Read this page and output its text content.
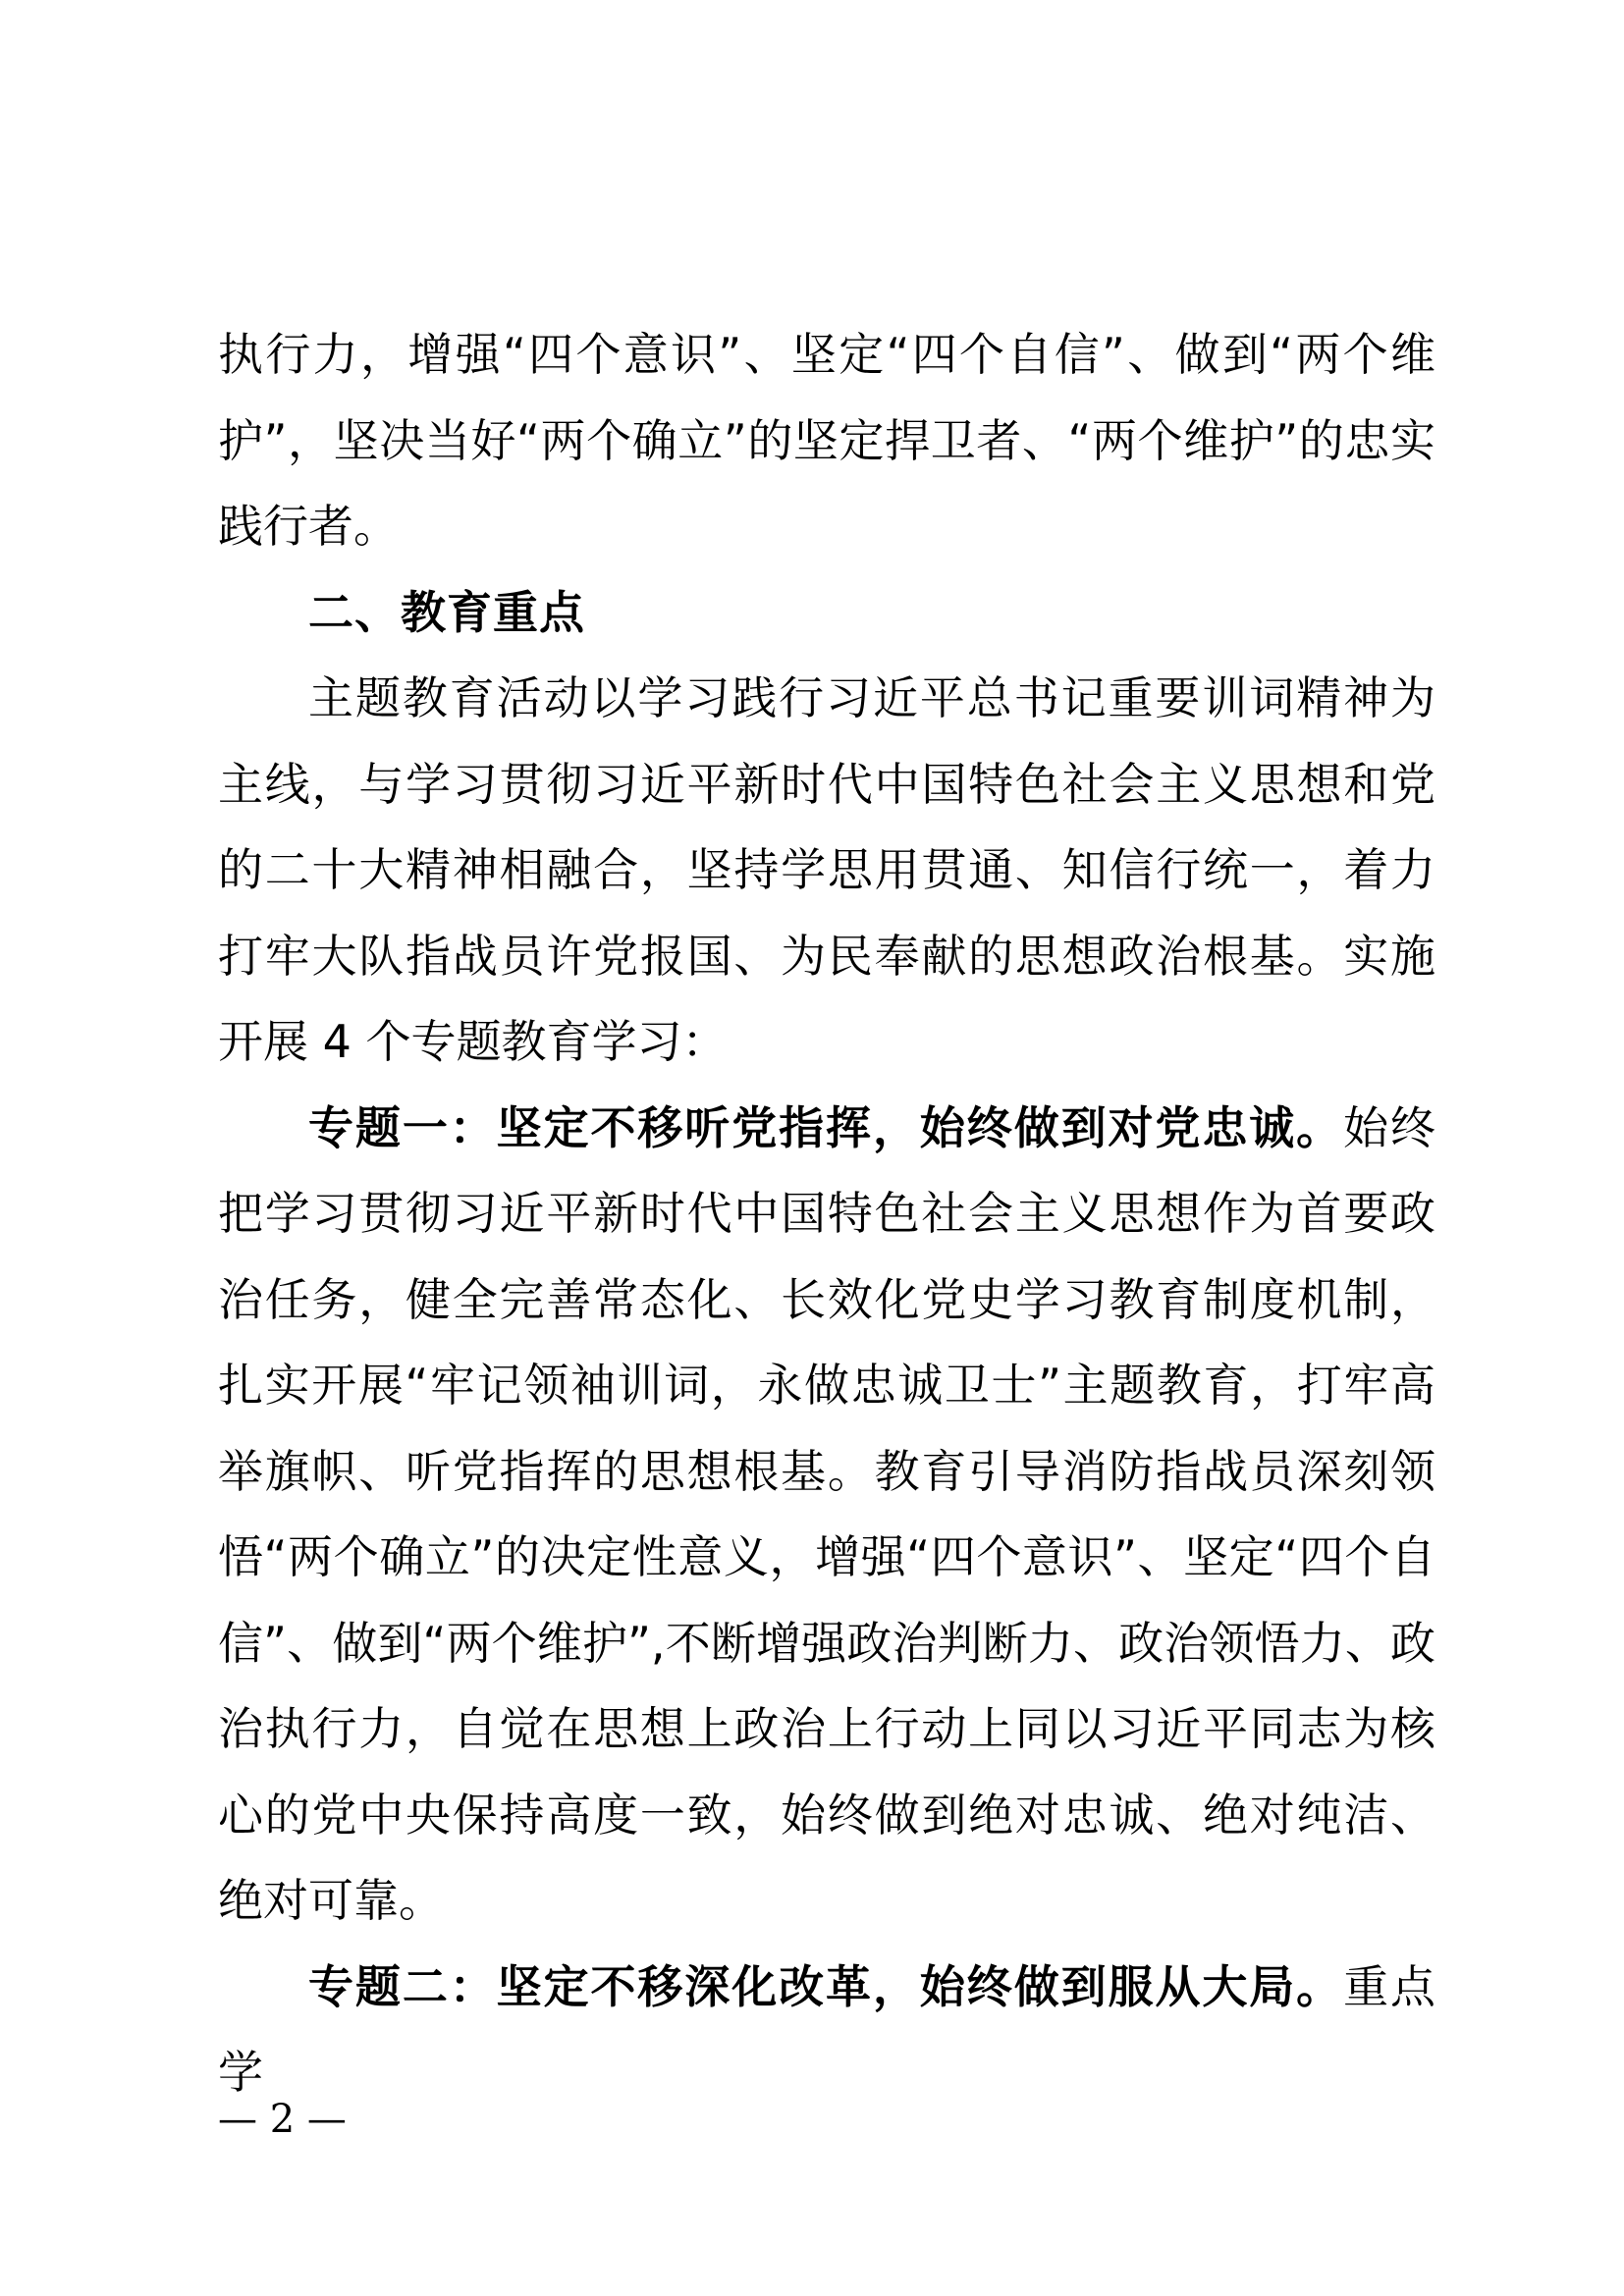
执行力，增强“四个意识”、坚定“四个自信”、做到“两个维护”，坚决当好“两个确立”的坚定捍卫者、“两个维护”的忠实践行者。

二、教育重点

主题教育活动以学习践行习近平总书记重要训词精神为主线，与学习贯彻习近平新时代中国特色社会主义思想和党的二十大精神相融合，坚持学思用贯通、知信行统一，着力打牢大队指战员许党报国、为民奉献的思想政治根基。实施开展 4 个专题教育学习：

专题一：坚定不移听党指挥，始终做到对党忠诚。始终把学习贯彻习近平新时代中国特色社会主义思想作为首要政治任务，健全完善常态化、长效化党史学习教育制度机制，扎实开展“牢记领袖训词，永做忠诚卫士”主题教育，打牢高举旗帜、听党指挥的思想根基。教育引导消防指战员深刻领悟“两个确立”的决定性意义，增强“四个意识”、坚定“四个自信”、做到“两个维护”,不断增强政治判断力、政治领悟力、政治执行力，自觉在思想上政治上行动上同以习近平同志为核心的党中央保持高度一致，始终做到绝对忠诚、绝对纯洁、绝对可靠。

专题二：坚定不移深化改革，始终做到服从大局。重点学

— 2 —
